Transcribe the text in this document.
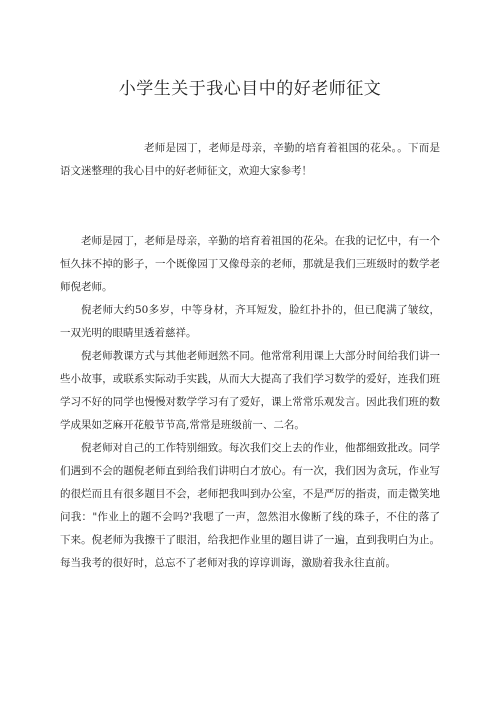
小学生关于我心目中的好老师征文

老师是园丁，老师是母亲，辛勤的培育着祖国的花朵。。下而是语文迷整理的我心目中的好老师征文，欢迎大家参考！

老师是园丁，老师是母亲，辛勤的培育着祖国的花朵。在我的记忆中，有一个恒久抹不掉的影子，一个既像园丁又像母亲的老师，那就是我们三班级时的数学老师倪老师。

倪老师大约50多岁，中等身材，齐耳短发，脸红扑扑的，但已爬满了皱纹，一双光明的眼睛里透着慈祥。

倪老师教课方式与其他老师迥然不同。他常常利用课上大部分时间给我们讲一些小故事，或联系实际动手实践，从而大大提高了我们学习数学的爱好，连我们班学习不好的同学也慢慢对数学学习有了爱好，课上常常乐观发言。因此我们班的数学成果如芝麻开花般节节高,常常是班级前一、二名。

倪老师对自己的工作特别细致。每次我们交上去的作业，他都细致批改。同学们遇到不会的题倪老师直到给我们讲明白才放心。有一次，我们因为贪玩，作业写的很烂而且有很多题目不会，老师把我叫到办公室，不是严厉的指责，而走微笑地问我："作业上的题不会吗?'我嗯了一声，忽然泪水像断了线的珠子，不住的落了下来。倪老师为我擦干了眼泪，给我把作业里的题目讲了一遍，直到我明白为止。每当我考的很好时，总忘不了老师对我的谆谆训诲，激励着我永往直前。
